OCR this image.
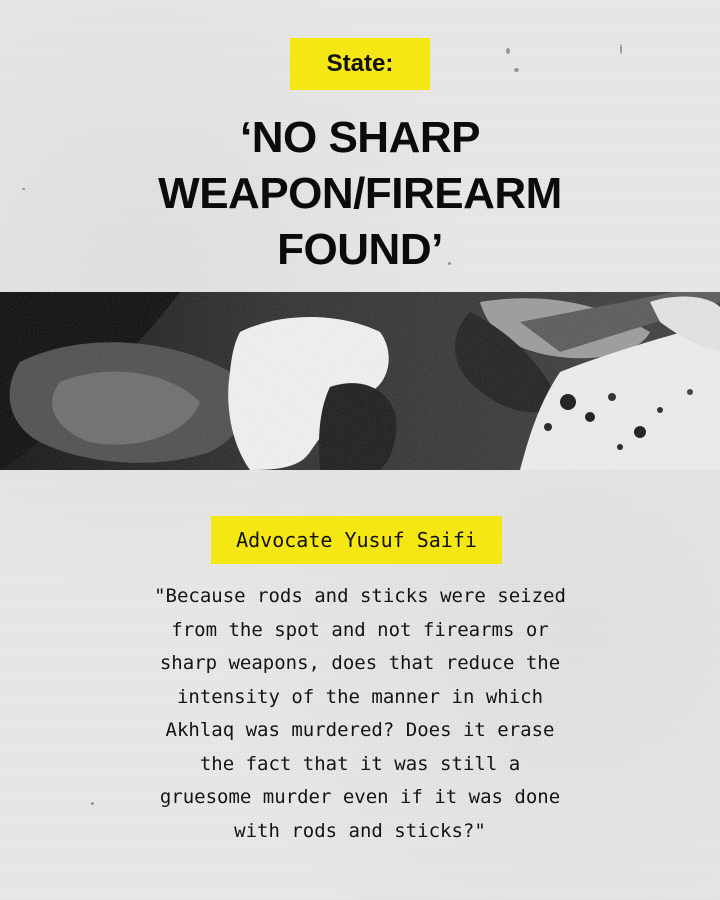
State:
‘NO SHARP
WEAPON/FIREARM
FOUND’
Advocate Yusuf Saifi
"Because rods and sticks were seized
from the spot and not firearms or
sharp weapons, does that reduce the
intensity of the manner in which
Akhlaq was murdered? Does it erase
the fact that it was still a
gruesome murder even if it was done
with rods and sticks?"
